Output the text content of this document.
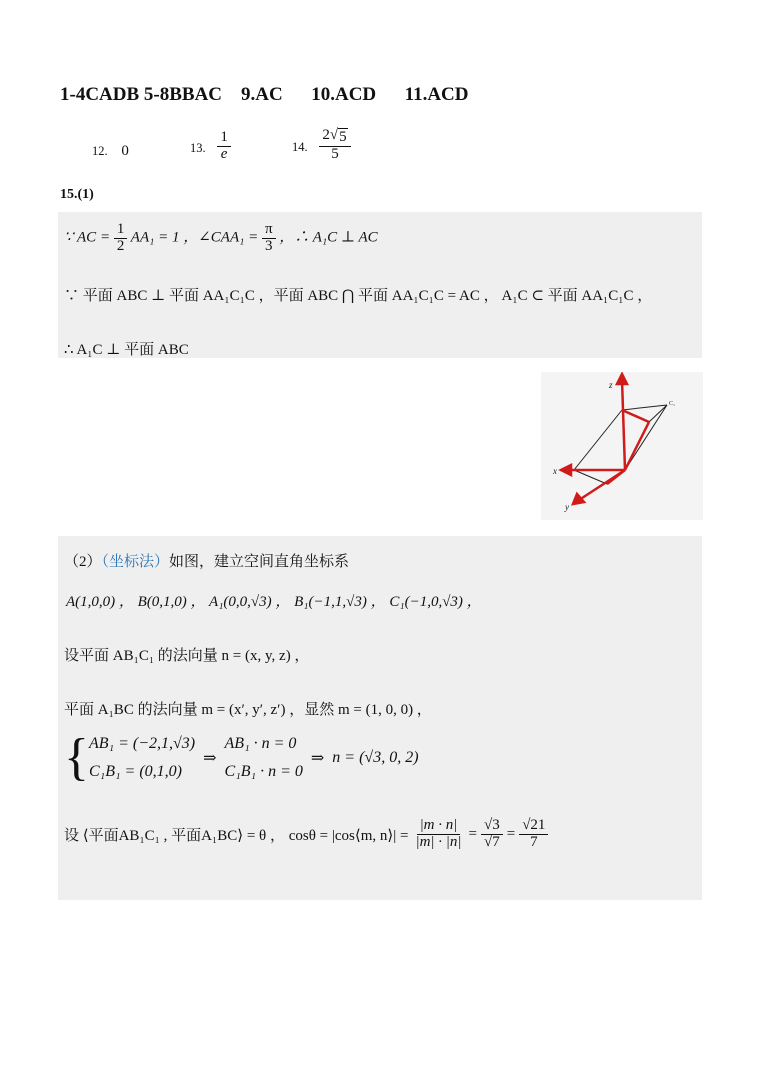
1-4CADB 5-8BBAC    9.AC      10.ACD      11.ACD
12. 0	13. $\frac{1}{e}$	14. $\frac{2√ 5}{5}$
15.(1)
∵ AC = $\frac{1}{2} AA_1 = 1$ ，∠CAA₁ = $\frac{\pi}{3}$ ，∴ A₁C ⊥ AC
∵ 平面 ABC ⊥ 平面 AA₁C₁C ，平面 ABC ⋂ 平面 AA₁C₁C = AC ， A₁C ⊂ 平面 AA₁C₁C ，
∴ A₁C ⊥ 平面 ABC
z
x
y
C₁
（2）（坐标法）如图，建立空间直角坐标系
A(1,0,0) ， B(0,1,0) ， A₁(0,0,√3) ， B₁(−1,1,√3) ， C₁(−1,0,√3) ，
设平面 AB₁C₁ 的法向量 n = (x, y, z) ，
平面 A₁BC 的法向量 m = (x′, y′, z′) ，显然 m = (1, 0, 0) ，
{ AB₁ = (−2,1,√3)
C₁B₁ = (0,1,0)
⇒
AB₁ · n = 0
C₁B₁ · n = 0
⇒ n = (√3, 0, 2)
设 ⟨平面AB₁C₁ , 平面A₁BC⟩ = θ ， cosθ = |cos⟨m, n⟩| = $\frac{|m \cdot n|}{|m| \cdot |n|} = \frac{√3}{√7} = \frac{√21}{7}$
